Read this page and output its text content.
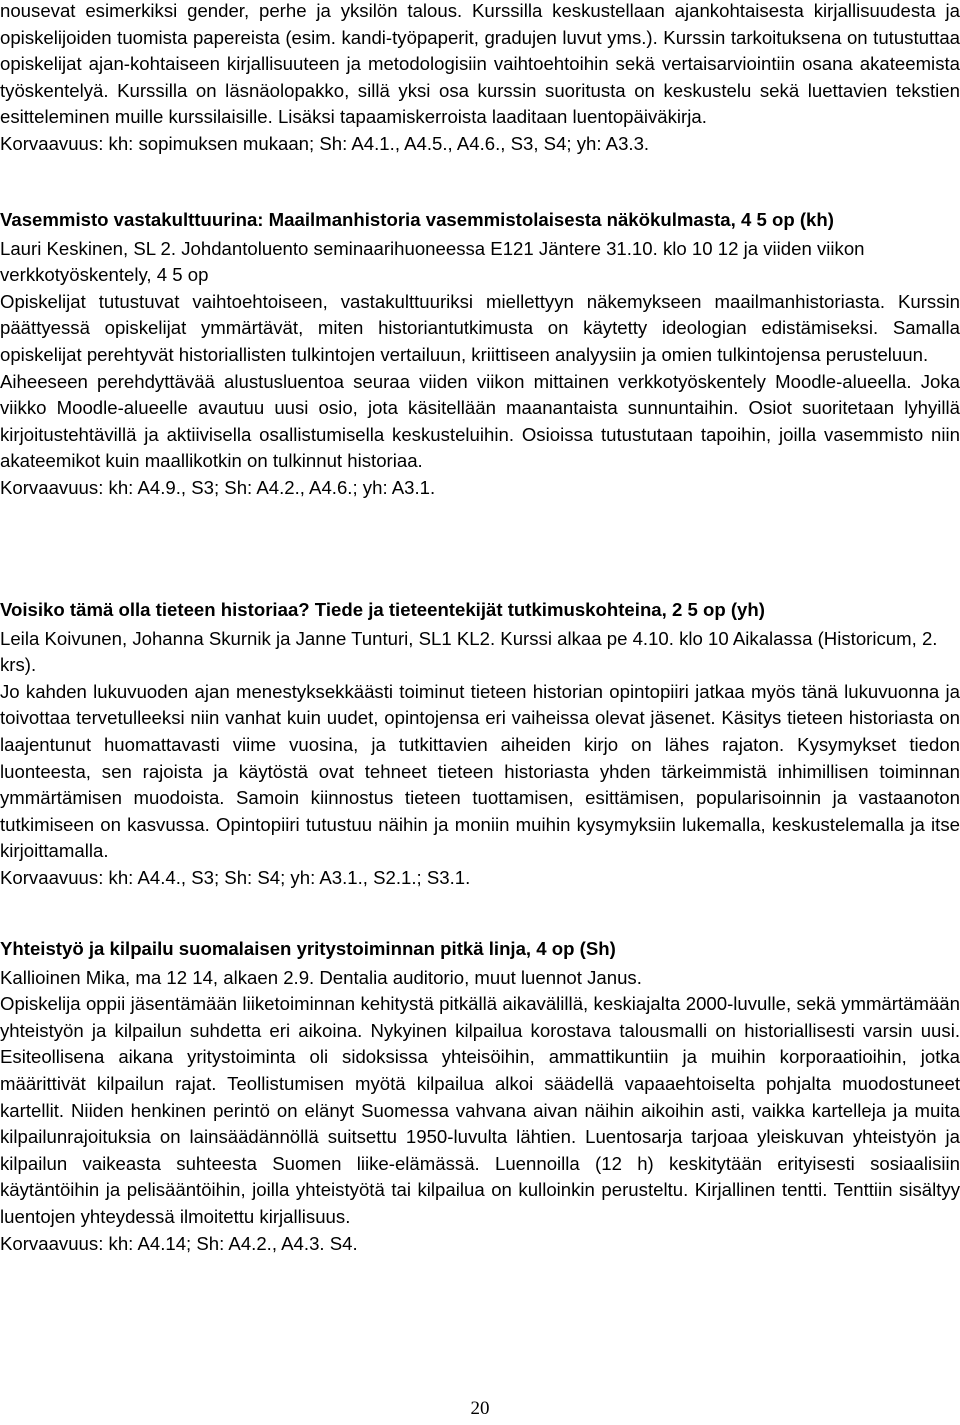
nousevat esimerkiksi gender, perhe ja yksilön talous. Kurssilla keskustellaan ajankohtaisesta kirjallisuudesta ja opiskelijoiden tuomista papereista (esim. kandi-työpaperit, gradujen luvut yms.). Kurssin tarkoituksena on tutustuttaa opiskelijat ajan-kohtaiseen kirjallisuuteen ja metodologisiin vaihtoehtoihin sekä vertaisarviointiin osana akateemista työskentelyä. Kurssilla on läsnäolopakko, sillä yksi osa kurssin suoritusta on keskustelu sekä luettavien tekstien esitteleminen muille kurssilaisille. Lisäksi tapaamiskerroista laaditaan luentopäiväkirja.

Korvaavuus: kh: sopimuksen mukaan; Sh: A4.1., A4.5., A4.6., S3, S4; yh: A3.3.

Vasemmisto vastakulttuurina: Maailmanhistoria vasemmistolaisesta näkökulmasta, 4 5 op (kh)

Lauri Keskinen, SL 2. Johdantoluento seminaarihuoneessa E121 Jäntere 31.10. klo 10 12 ja viiden viikon verkkotyöskentely, 4 5 op

Opiskelijat tutustuvat vaihtoehtoiseen, vastakulttuuriksi miellettyyn näkemykseen maailmanhistoriasta. Kurssin päättyessä opiskelijat ymmärtävät, miten historiantutkimusta on käytetty ideologian edistämiseksi. Samalla opiskelijat perehtyvät historiallisten tulkintojen vertailuun, kriittiseen analyysiin ja omien tulkintojensa perusteluun.

Aiheeseen perehdyttävää alustusluentoa seuraa viiden viikon mittainen verkkotyöskentely Moodle-alueella. Joka viikko Moodle-alueelle avautuu uusi osio, jota käsitellään maanantaista sunnuntaihin. Osiot suoritetaan lyhyillä kirjoitustehtävillä ja aktiivisella osallistumisella keskusteluihin. Osioissa tutustutaan tapoihin, joilla vasemmisto niin akateemikot kuin maallikotkin on tulkinnut historiaa.

Korvaavuus: kh: A4.9., S3; Sh: A4.2., A4.6.; yh: A3.1.

Voisiko tämä olla tieteen historiaa? Tiede ja tieteentekijät tutkimuskohteina, 2 5 op (yh)

Leila Koivunen, Johanna Skurnik ja Janne Tunturi, SL1 KL2. Kurssi alkaa pe 4.10. klo 10 Aikalassa (Historicum, 2. krs).

Jo kahden lukuvuoden ajan menestyksekkäästi toiminut tieteen historian opintopiiri jatkaa myös tänä lukuvuonna ja toivottaa tervetulleeksi niin vanhat kuin uudet, opintojensa eri vaiheissa olevat jäsenet. Käsitys tieteen historiasta on laajentunut huomattavasti viime vuosina, ja tutkittavien aiheiden kirjo on lähes rajaton. Kysymykset tiedon luonteesta, sen rajoista ja käytöstä ovat tehneet tieteen historiasta yhden tärkeimmistä inhimillisen toiminnan ymmärtämisen muodoista. Samoin kiinnostus tieteen tuottamisen, esittämisen, popularisoinnin ja vastaanoton tutkimiseen on kasvussa. Opintopiiri tutustuu näihin ja moniin muihin kysymyksiin lukemalla, keskustelemalla ja itse kirjoittamalla.

Korvaavuus: kh: A4.4., S3; Sh: S4; yh: A3.1., S2.1.; S3.1.

Yhteistyö ja kilpailu suomalaisen yritystoiminnan pitkä linja, 4 op (Sh)

Kallioinen Mika, ma 12 14, alkaen 2.9. Dentalia auditorio, muut luennot Janus.

Opiskelija oppii jäsentämään liiketoiminnan kehitystä pitkällä aikavälillä, keskiajalta 2000-luvulle, sekä ymmärtämään yhteistyön ja kilpailun suhdetta eri aikoina. Nykyinen kilpailua korostava talousmalli on historiallisesti varsin uusi. Esiteollisena aikana yritystoiminta oli sidoksissa yhteisöihin, ammattikuntiin ja muihin korporaatioihin, jotka määrittivät kilpailun rajat. Teollistumisen myötä kilpailua alkoi säädellä vapaaehtoiselta pohjalta muodostuneet kartellit. Niiden henkinen perintö on elänyt Suomessa vahvana aivan näihin aikoihin asti, vaikka kartelleja ja muita kilpailunrajoituksia on lainsäädännöllä suitsettu 1950-luvulta lähtien. Luentosarja tarjoaa yleiskuvan yhteistyön ja kilpailun vaikeasta suhteesta Suomen liike-elämässä. Luennoilla (12 h) keskitytään erityisesti sosiaalisiin käytäntöihin ja pelisääntöihin, joilla yhteistyötä tai kilpailua on kulloinkin perusteltu. Kirjallinen tentti. Tenttiin sisältyy luentojen yhteydessä ilmoitettu kirjallisuus.

Korvaavuus: kh: A4.14; Sh: A4.2., A4.3. S4.

20
